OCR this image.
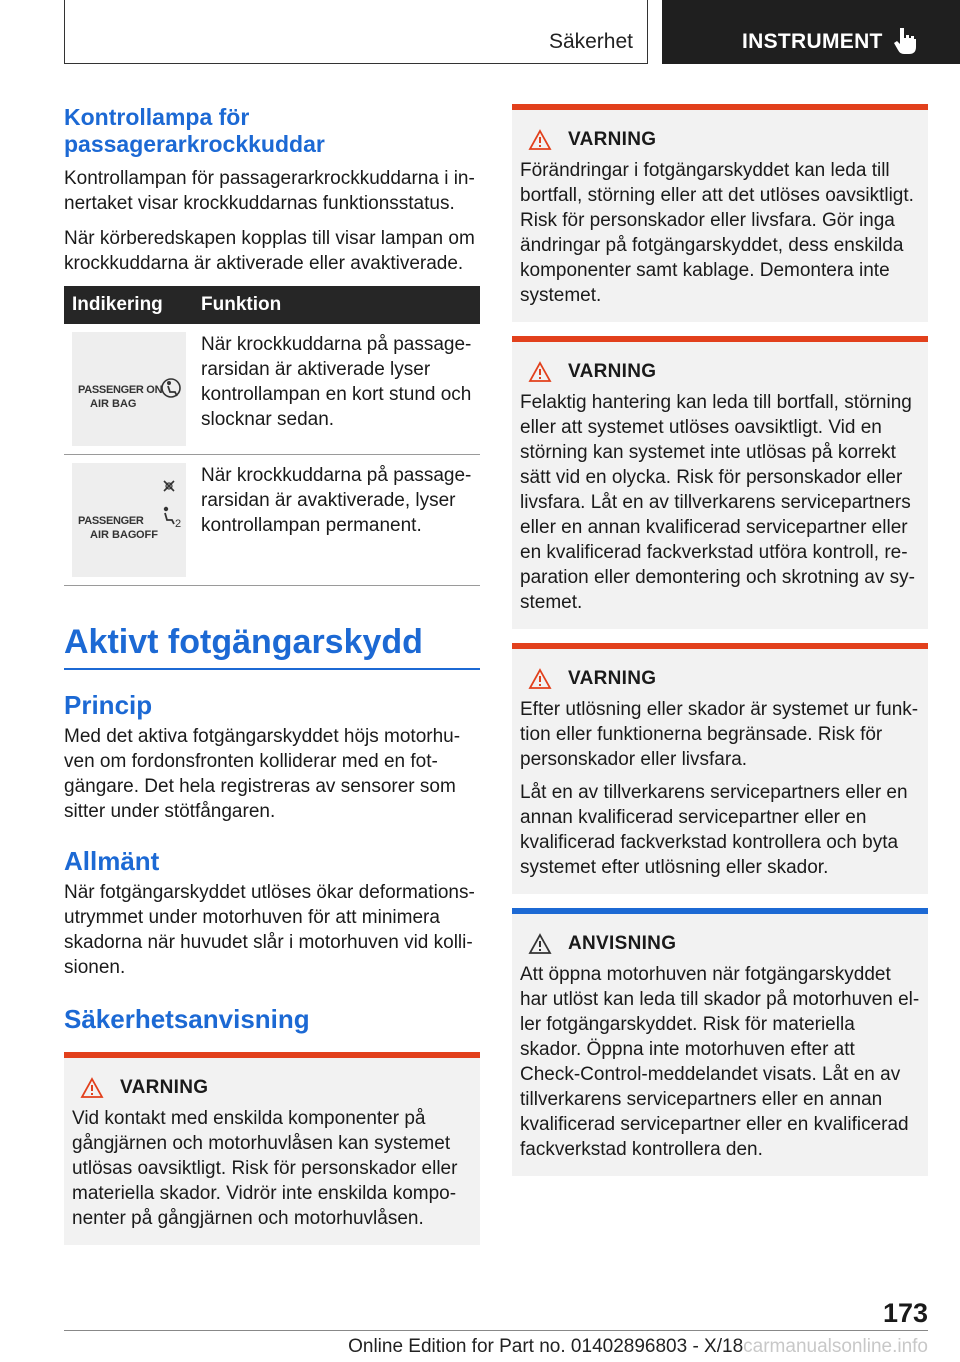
Säkerhet	INSTRUMENT
Kontrollampa för passagerarkrockkuddar

Kontrollampan för passagerarkrockkuddarna i innertaket visar krockkuddarnas funktionsstatus.

När körberedskapen kopplas till visar lampan om krockkuddarna är aktiverade eller avaktiverade.

Indikering	Funktion

PASSENGER ON
AIR BAG	När krockkuddarna på passagerarsidan är aktiverade lyser kontrollampan en kort stund och slocknar sedan.

PASSENGER
AIR BAG OFF
2	När krockkuddarna på passagerarsidan är avaktiverade, lyser kontrollampan permanent.
Aktivt fotgängarskydd
Princip

Med det aktiva fotgängarskyddet höjs motorhuven om fordonsfronten kolliderar med en fotgängare. Det hela registreras av sensorer som sitter under stötfångaren.

Allmänt

När fotgängarskyddet utlöses ökar deformationsutrymmet under motorhuven för att minimera skadorna när huvudet slår i motorhuven vid kollisionen.

Säkerhetsanvisning
VARNING

Vid kontakt med enskilda komponenter på gångjärnen och motorhuvlåsen kan systemet utlösas oavsiktligt. Risk för personskador eller materiella skador. Vidrör inte enskilda komponenter på gångjärnen och motorhuvlåsen.

VARNING

Förändringar i fotgängarskyddet kan leda till bortfall, störning eller att det utlöses oavsiktligt. Risk för personskador eller livsfara. Gör inga ändringar på fotgängarskyddet, dess enskilda komponenter samt kablage. Demontera inte systemet.

VARNING

Felaktig hantering kan leda till bortfall, störning eller att systemet utlöses oavsiktligt. Vid en störning kan systemet inte utlösas på korrekt sätt vid en olycka. Risk för personskador eller livsfara. Låt en av tillverkarens servicepartners eller en annan kvalificerad servicepartner eller en kvalificerad fackverkstad utföra kontroll, reparation eller demontering och skrotning av systemet.

VARNING

Efter utlösning eller skador är systemet ur funktion eller funktionerna begränsade. Risk för personskador eller livsfara.

Låt en av tillverkarens servicepartners eller en annan kvalificerad servicepartner eller en kvalificerad fackverkstad kontrollera och byta systemet efter utlösning eller skador.

ANVISNING

Att öppna motorhuven när fotgängarskyddet har utlöst kan leda till skador på motorhuven eller fotgängarskyddet. Risk för materiella skador. Öppna inte motorhuven efter att Check-Control-meddelandet visats. Låt en av tillverkarens servicepartners eller en annan kvalificerad servicepartner eller en kvalificerad fackverkstad kontrollera den.

173
Online Edition for Part no. 01402896803 - X/18carmanualsonline.info
